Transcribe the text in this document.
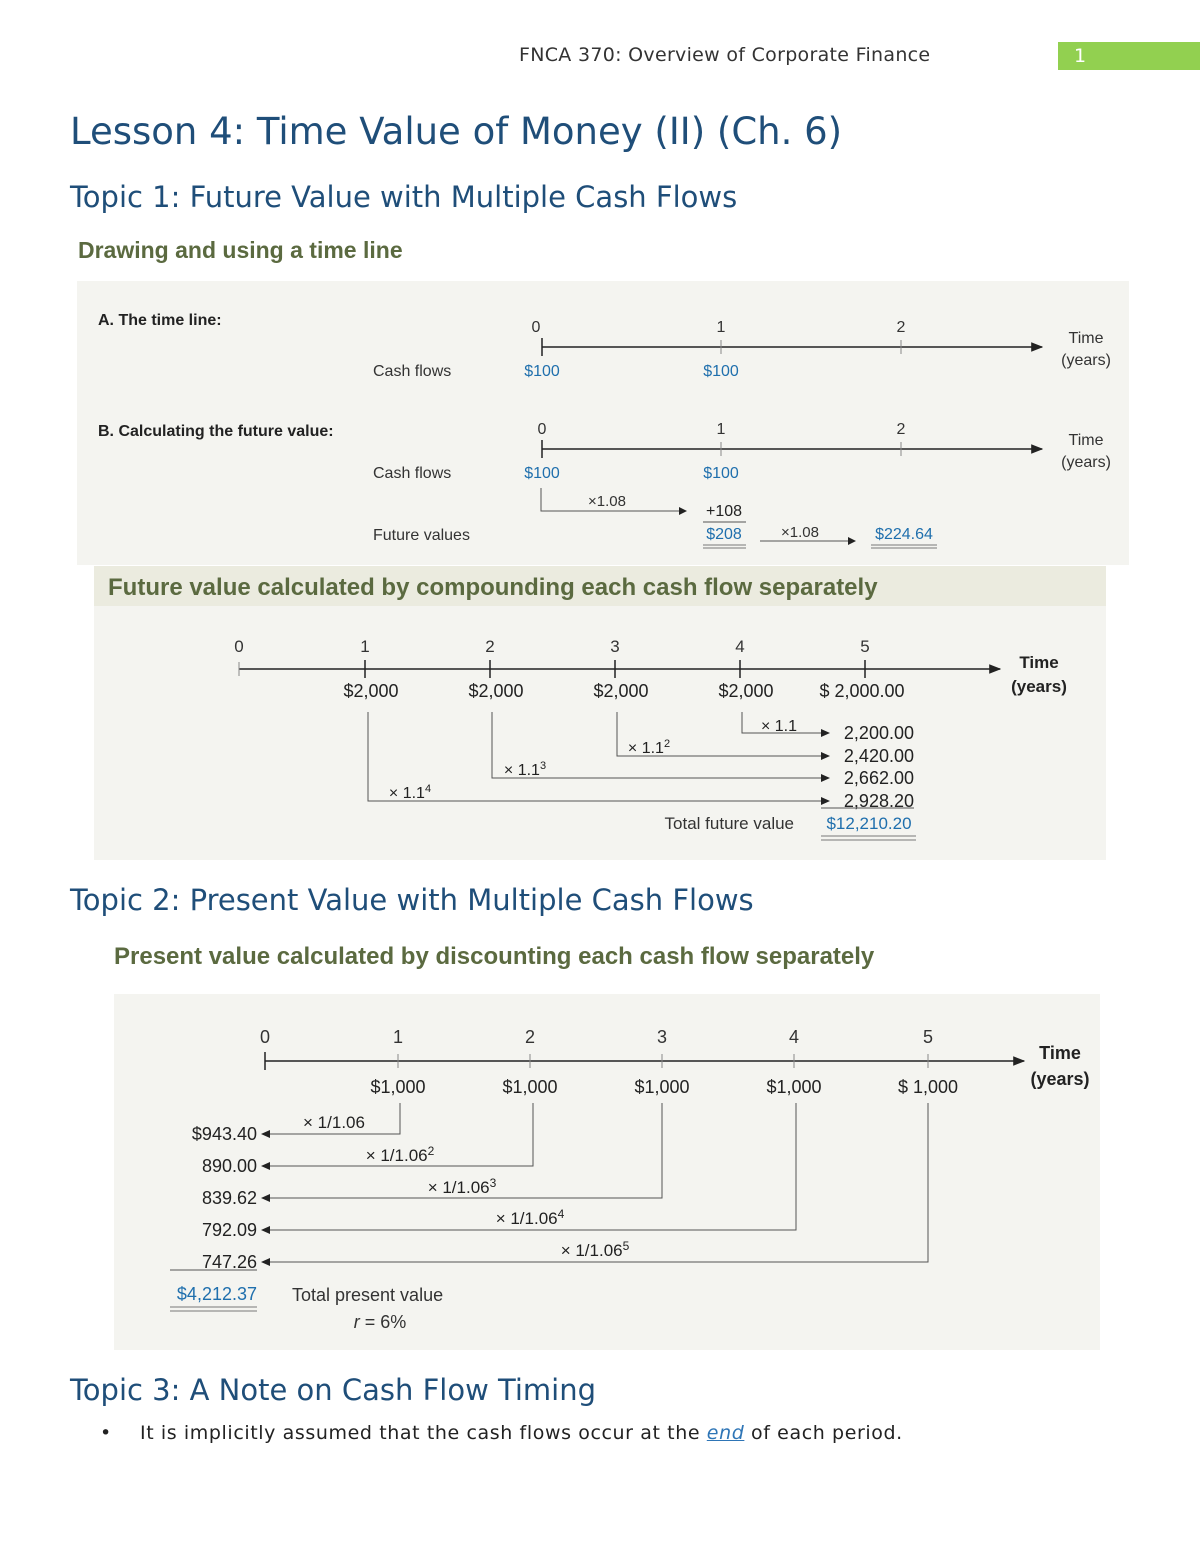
FNCA 370: Overview of Corporate Finance	1
Lesson 4: Time Value of Money (II) (Ch. 6)
Topic 1: Future Value with Multiple Cash Flows
Drawing and using a time line
A. The time line:	0	1	2
Time
(years)
Cash flows	$100	$100
B. Calculating the future value:	0	1	2
Time
(years)
Cash flows	$100	$100
×1.08
+108
Future values	$208	×1.08	$224.64
Future value calculated by compounding each cash flow separately
0	1	2	3	4	5
Time
(years)
$2,000	$2,000	$2,000	$2,000	$ 2,000.00
× 1.1
× $1.1^2$
× $1.1^3$
× $1.1^4$
2,200.00
2,420.00
2,662.00
2,928.20
Total future value $12,210.20
Topic 2: Present Value with Multiple Cash Flows
Present value calculated by discounting each cash flow separately
0	1	2	3	4	5
Time
(years)
$1,000	$1,000	$1,000	$1,000	$ 1,000
× 1/1.06
× $1/1.06^2$
× $1/1.06^3$
× $1/1.06^4$
× $1/1.06^5$
$943.40
890.00
839.62
792.09
747.26
$4,212.37 Total present value
r = 6%
Topic 3: A Note on Cash Flow Timing
• It is implicitly assumed that the cash flows occur at the end of each period.
